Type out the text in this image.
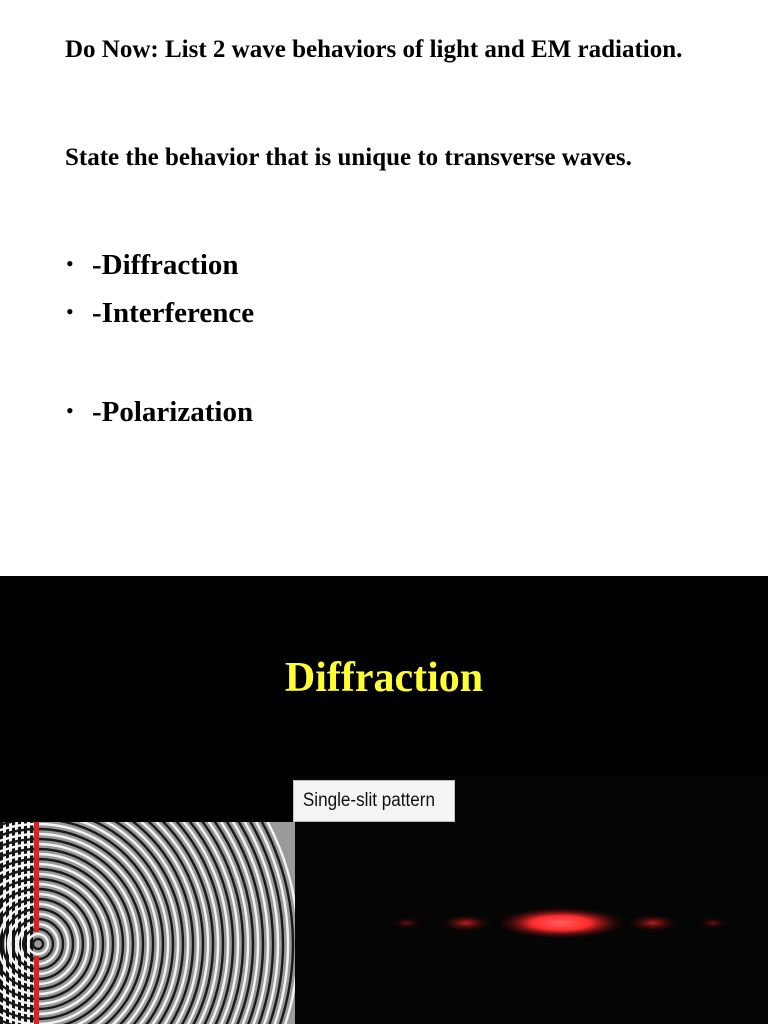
Do Now: List 2 wave behaviors of light and EM radiation.

State the behavior that is unique to transverse waves.

• -Diffraction
• -Interference
• -Polarization
Diffraction
Single-slit pattern
